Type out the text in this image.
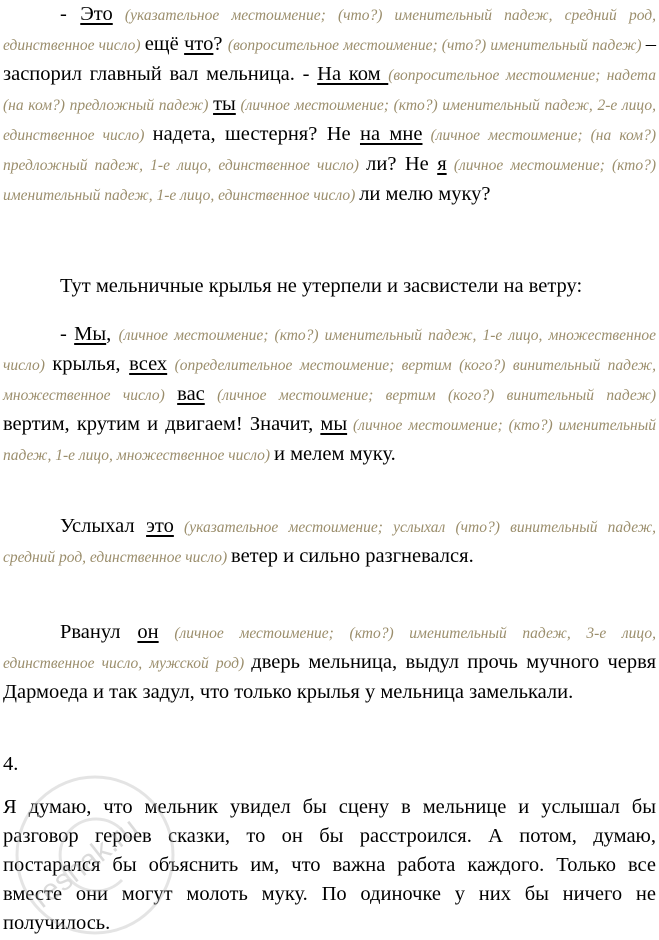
- Это (указательное местоимение; (что?) именительный падеж, средний род, единственное число) ещё что? (вопросительное местоимение; (что?) именительный падеж) – заспорил главный вал мельница. - На ком (вопросительное местоимение; надета (на ком?) предложный падеж) ты (личное местоимение; (кто?) именительный падеж, 2-е лицо, единственное число) надета, шестерня? Не на мне (личное местоимение; (на ком?) предложный падеж, 1-е лицо, единственное число) ли? Не я (личное местоимение; (кто?) именительный падеж, 1-е лицо, единственное число) ли мелю муку?

Тут мельничные крылья не утерпели и засвистели на ветру:

- Мы, (личное местоимение; (кто?) именительный падеж, 1-е лицо, множественное число) крылья, всех (определительное местоимение; вертим (кого?) винительный падеж, множественное число) вас (личное местоимение; вертим (кого?) винительный падеж) вертим, крутим и двигаем! Значит, мы (личное местоимение; (кто?) именительный падеж, 1-е лицо, множественное число) и мелем муку.

Услыхал это (указательное местоимение; услыхал (что?) винительный падеж, средний род, единственное число) ветер и сильно разгневался.

Рванул он (личное местоимение; (кто?) именительный падеж, 3-е лицо, единственное число, мужской род) дверь мельница, выдул прочь мучного червя Дармоеда и так задул, что только крылья у мельница замелькали.

4.

Я думаю, что мельник увидел бы сцену в мельнице и услышал бы разговор героев сказки, то он бы расстроился. А потом, думаю, постарался бы объяснить им, что важна работа каждого. Только все вместе они могут молоть муку. По одиночке у них бы ничего не получилось.

reshak.ru
